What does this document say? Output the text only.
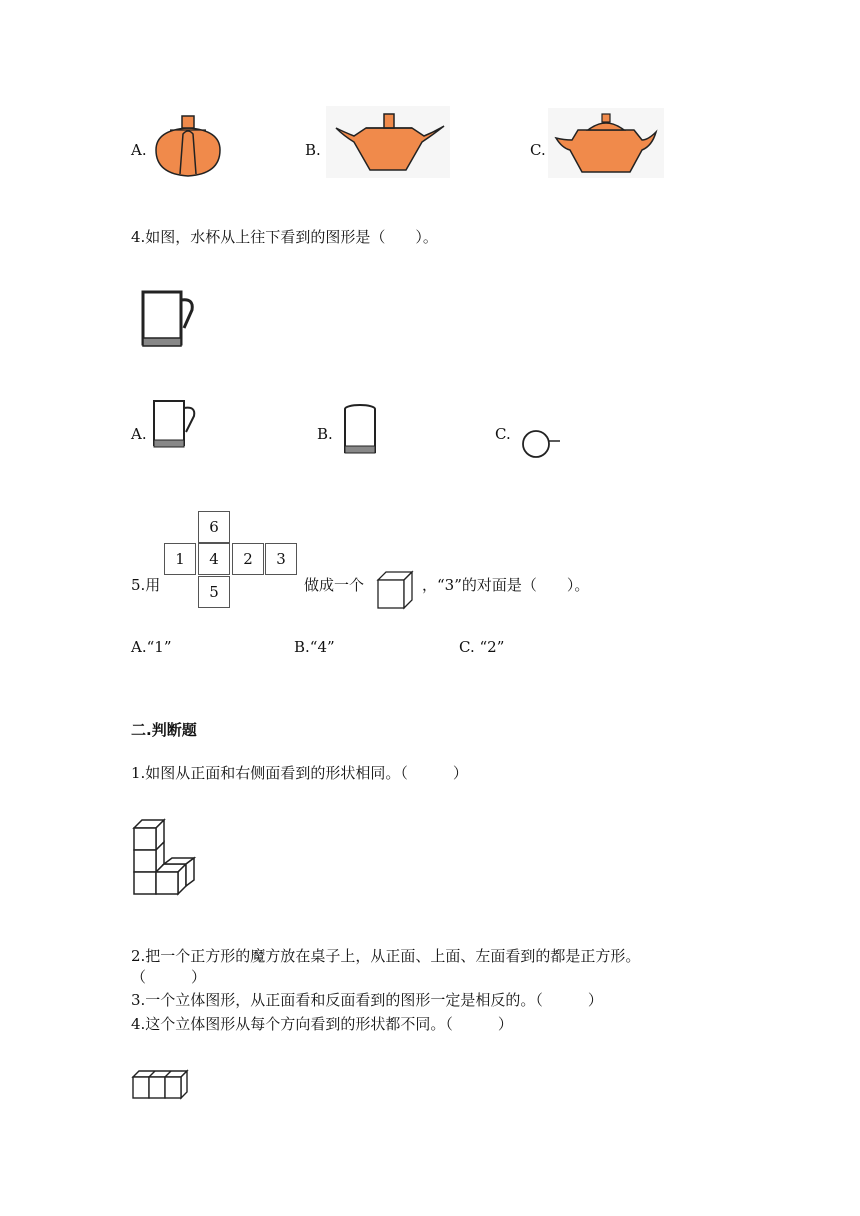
A.	B.	C.
4.如图，水杯从上往下看到的图形是（　　）。
A.	B.	C.
6
1	4	2	3
5
5.用	做成一个	，“3”的对面是（　　）。
A.“1”	B.“4”	C. “2”
二.判断题
1.如图从正面和右侧面看到的形状相同。（　　　）
2.把一个正方形的魔方放在桌子上，从正面、上面、左面看到的都是正方形。
（　　　）
3.一个立体图形，从正面看和反面看到的图形一定是相反的。（　　　）
4.这个立体图形从每个方向看到的形状都不同。（　　　）
